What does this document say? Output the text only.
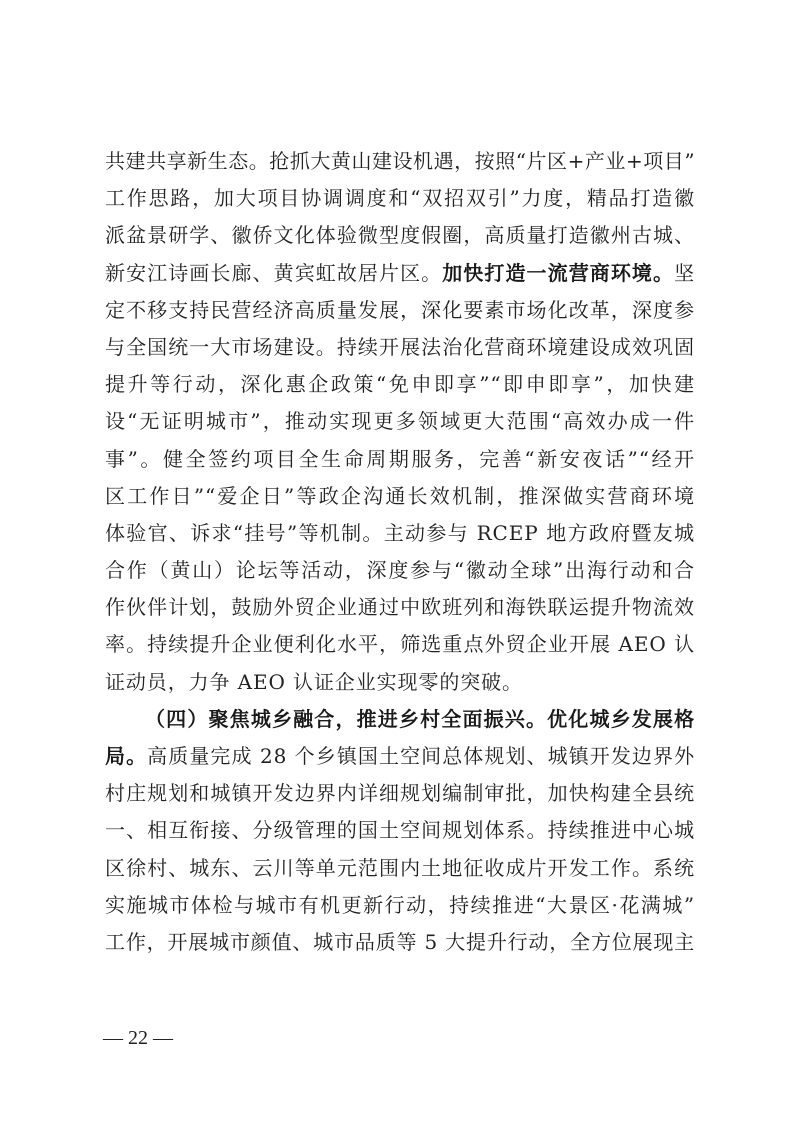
共建共享新生态。抢抓大黄山建设机遇，按照“片区+产业+项目”
工作思路，加大项目协调调度和“双招双引”力度，精品打造徽
派盆景研学、徽侨文化体验微型度假圈，高质量打造徽州古城、
新安江诗画长廊、黄宾虹故居片区。加快打造一流营商环境。坚
定不移支持民营经济高质量发展，深化要素市场化改革，深度参
与全国统一大市场建设。持续开展法治化营商环境建设成效巩固
提升等行动，深化惠企政策“免申即享”“即申即享”，加快建
设“无证明城市”，推动实现更多领域更大范围“高效办成一件
事”。健全签约项目全生命周期服务，完善“新安夜话”“经开
区工作日”“爱企日”等政企沟通长效机制，推深做实营商环境
体验官、诉求“挂号”等机制。主动参与 RCEP 地方政府暨友城
合作（黄山）论坛等活动，深度参与“徽动全球”出海行动和合
作伙伴计划，鼓励外贸企业通过中欧班列和海铁联运提升物流效
率。持续提升企业便利化水平，筛选重点外贸企业开展 AEO 认
证动员，力争 AEO 认证企业实现零的突破。
（四）聚焦城乡融合，推进乡村全面振兴。优化城乡发展格
局。高质量完成 28 个乡镇国土空间总体规划、城镇开发边界外
村庄规划和城镇开发边界内详细规划编制审批，加快构建全县统
一、相互衔接、分级管理的国土空间规划体系。持续推进中心城
区徐村、城东、云川等单元范围内土地征收成片开发工作。系统
实施城市体检与城市有机更新行动，持续推进“大景区·花满城”
工作，开展城市颜值、城市品质等 5 大提升行动，全方位展现主
— 22 —
